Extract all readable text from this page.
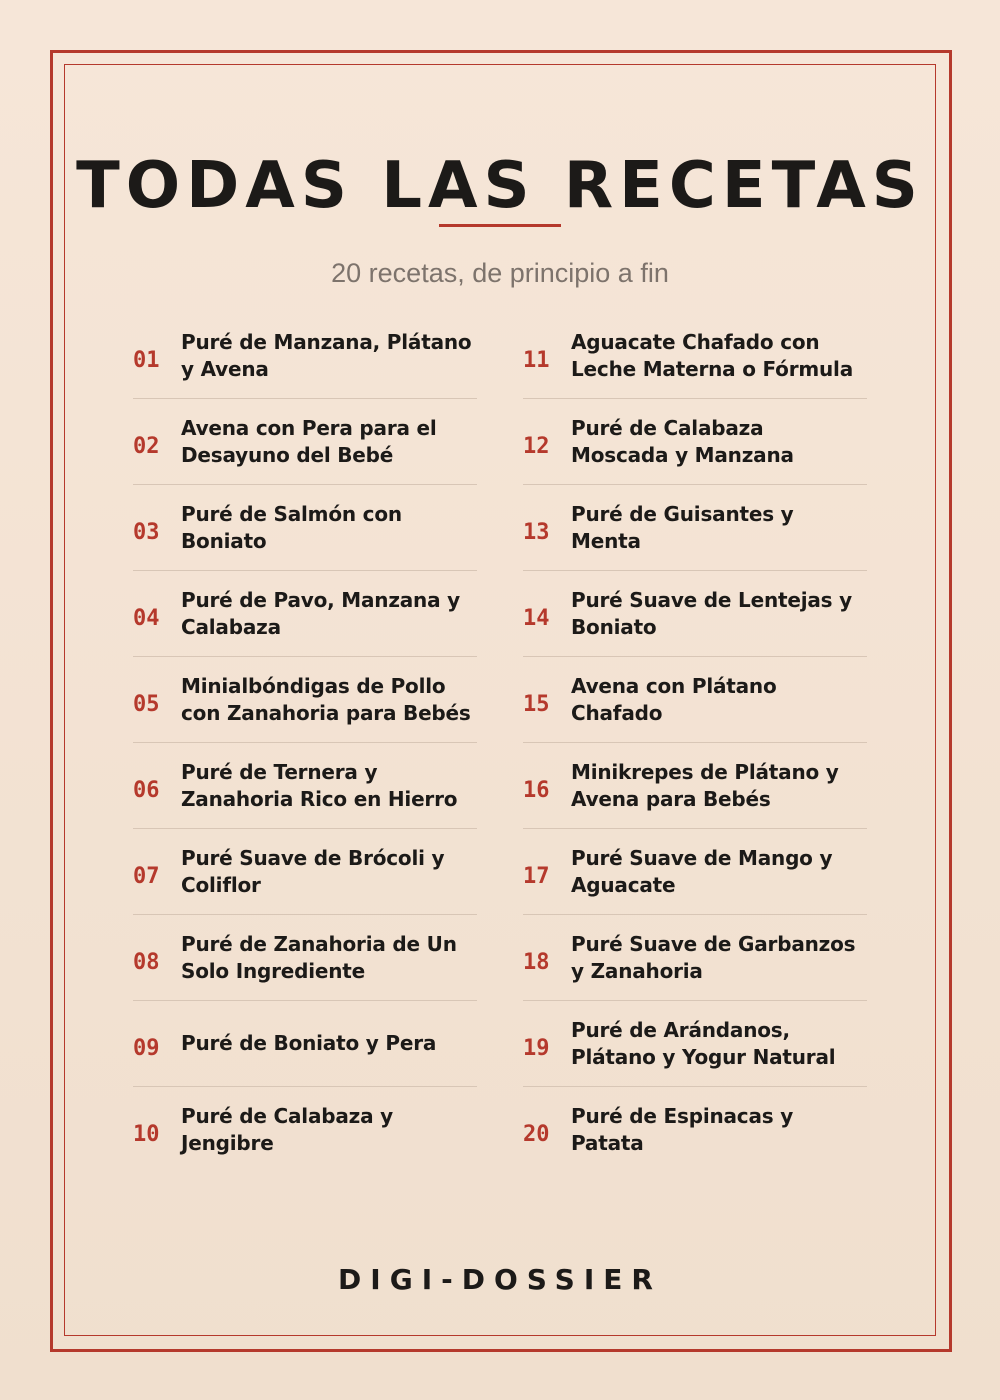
TODAS LAS RECETAS
20 recetas, de principio a fin
01
Puré de Manzana, Plátano y Avena
02
Avena con Pera para el Desayuno del Bebé
03
Puré de Salmón con Boniato
04
Puré de Pavo, Manzana y Calabaza
05
Minialbóndigas de Pollo con Zanahoria para Bebés
06
Puré de Ternera y Zanahoria Rico en Hierro
07
Puré Suave de Brócoli y Coliflor
08
Puré de Zanahoria de Un Solo Ingrediente
09	Puré de Boniato y Pera
10
Puré de Calabaza y Jengibre
11
Aguacate Chafado con Leche Materna o Fórmula
12
Puré de Calabaza Moscada y Manzana
13
Puré de Guisantes y Menta
14
Puré Suave de Lentejas y Boniato
15
Avena con Plátano Chafado
16
Minikrepes de Plátano y Avena para Bebés
17
Puré Suave de Mango y Aguacate
18
Puré Suave de Garbanzos y Zanahoria
19
Puré de Arándanos, Plátano y Yogur Natural
20
Puré de Espinacas y Patata
DIGI-DOSSIER
